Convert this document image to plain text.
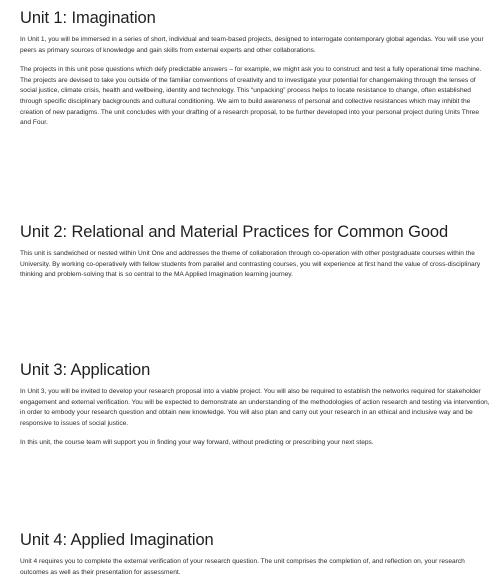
Unit 1: Imagination

In Unit 1, you will be immersed in a series of short, individual and team-based projects, designed to interrogate contemporary global agendas. You will use your peers as primary sources of knowledge and gain skills from external experts and other collaborations.

The projects in this unit pose questions which defy predictable answers – for example, we might ask you to construct and test a fully operational time machine. The projects are devised to take you outside of the familiar conventions of creativity and to investigate your potential for changemaking through the lenses of social justice, climate crisis, health and wellbeing, identity and technology. This “unpacking” process helps to locate resistance to change, often established through specific disciplinary backgrounds and cultural conditioning. We aim to build awareness of personal and collective resistances which may inhibit the creation of new paradigms. The unit concludes with your drafting of a research proposal, to be further developed into your personal project during Units Three and Four.

Unit 2: Relational and Material Practices for Common Good

This unit is sandwiched or nested within Unit One and addresses the theme of collaboration through co-operation with other postgraduate courses within the University. By working co-operatively with fellow students from parallel and contrasting courses, you will experience at first hand the value of cross-disciplinary thinking and problem-solving that is so central to the MA Applied Imagination learning journey.

Unit 3: Application

In Unit 3, you will be invited to develop your research proposal into a viable project. You will also be required to establish the networks required for stakeholder engagement and external verification. You will be expected to demonstrate an understanding of the methodologies of action research and testing via intervention, in order to embody your research question and obtain new knowledge. You will also plan and carry out your research in an ethical and inclusive way and be responsive to issues of social justice.

In this unit, the course team will support you in finding your way forward, without predicting or prescribing your next steps.

Unit 4: Applied Imagination

Unit 4 requires you to complete the external verification of your research question. The unit comprises the completion of, and reflection on, your research outcomes as well as their presentation for assessment.
